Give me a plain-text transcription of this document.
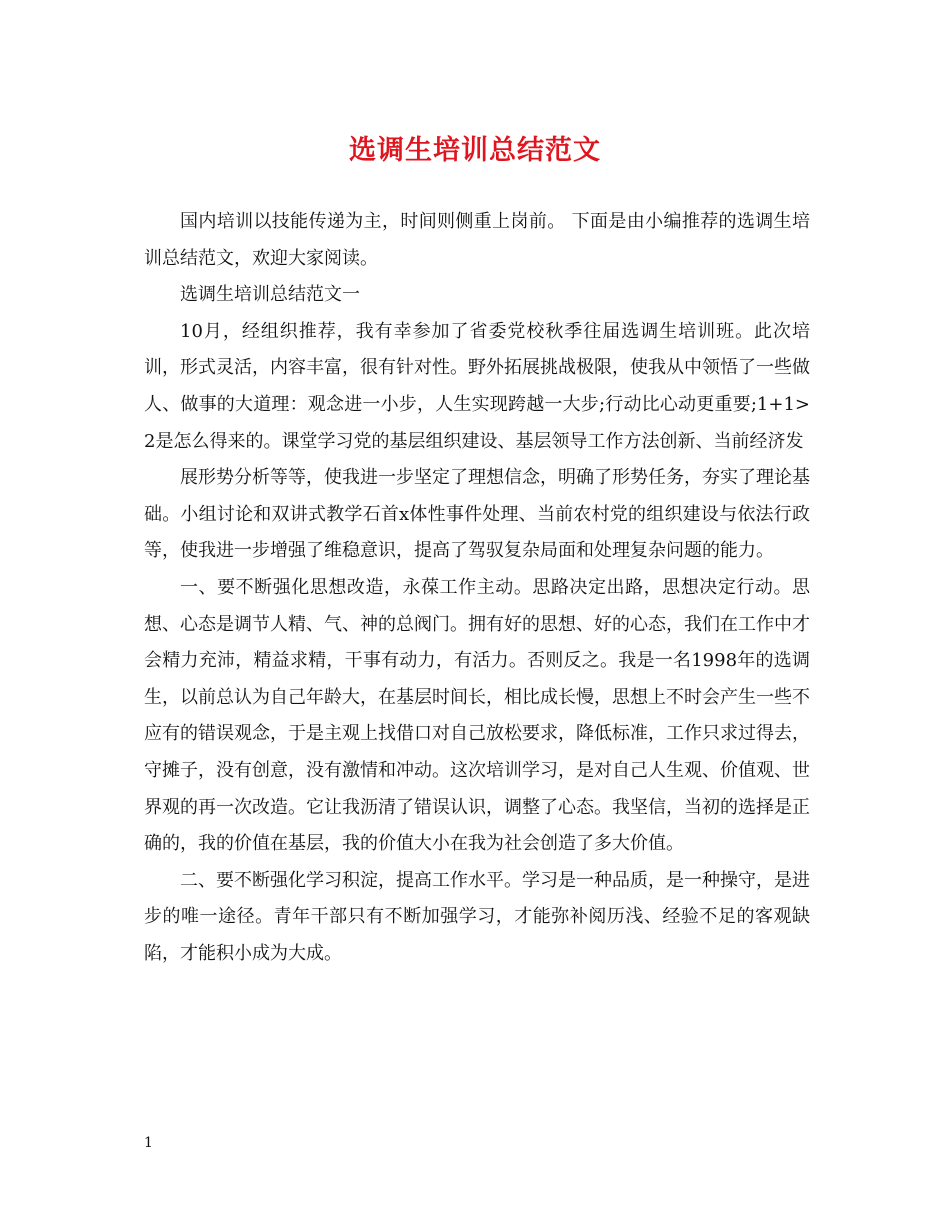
选调生培训总结范文

国内培训以技能传递为主，时间则侧重上岗前。 下面是由小编推荐的选调生培训总结范文，欢迎大家阅读。

选调生培训总结范文一

10月，经组织推荐，我有幸参加了省委党校秋季往届选调生培训班。此次培训，形式灵活，内容丰富，很有针对性。野外拓展挑战极限，使我从中领悟了一些做人、做事的大道理：观念进一小步，人生实现跨越一大步;行动比心动更重要;1+1>2是怎么得来的。课堂学习党的基层组织建设、基层领导工作方法创新、当前经济发

展形势分析等等，使我进一步坚定了理想信念，明确了形势任务，夯实了理论基础。小组讨论和双讲式教学石首x体性事件处理、当前农村党的组织建设与依法行政等，使我进一步增强了维稳意识，提高了驾驭复杂局面和处理复杂问题的能力。

一、要不断强化思想改造，永葆工作主动。思路决定出路，思想决定行动。思想、心态是调节人精、气、神的总阀门。拥有好的思想、好的心态，我们在工作中才会精力充沛，精益求精，干事有动力，有活力。否则反之。我是一名1998年的选调生，以前总认为自己年龄大，在基层时间长，相比成长慢，思想上不时会产生一些不应有的错误观念，于是主观上找借口对自己放松要求，降低标准，工作只求过得去，守摊子，没有创意，没有激情和冲动。这次培训学习，是对自己人生观、价值观、世界观的再一次改造。它让我沥清了错误认识，调整了心态。我坚信，当初的选择是正确的，我的价值在基层，我的价值大小在我为社会创造了多大价值。

二、要不断强化学习积淀，提高工作水平。学习是一种品质，是一种操守，是进步的唯一途径。青年干部只有不断加强学习，才能弥补阅历浅、经验不足的客观缺陷，才能积小成为大成。

1
